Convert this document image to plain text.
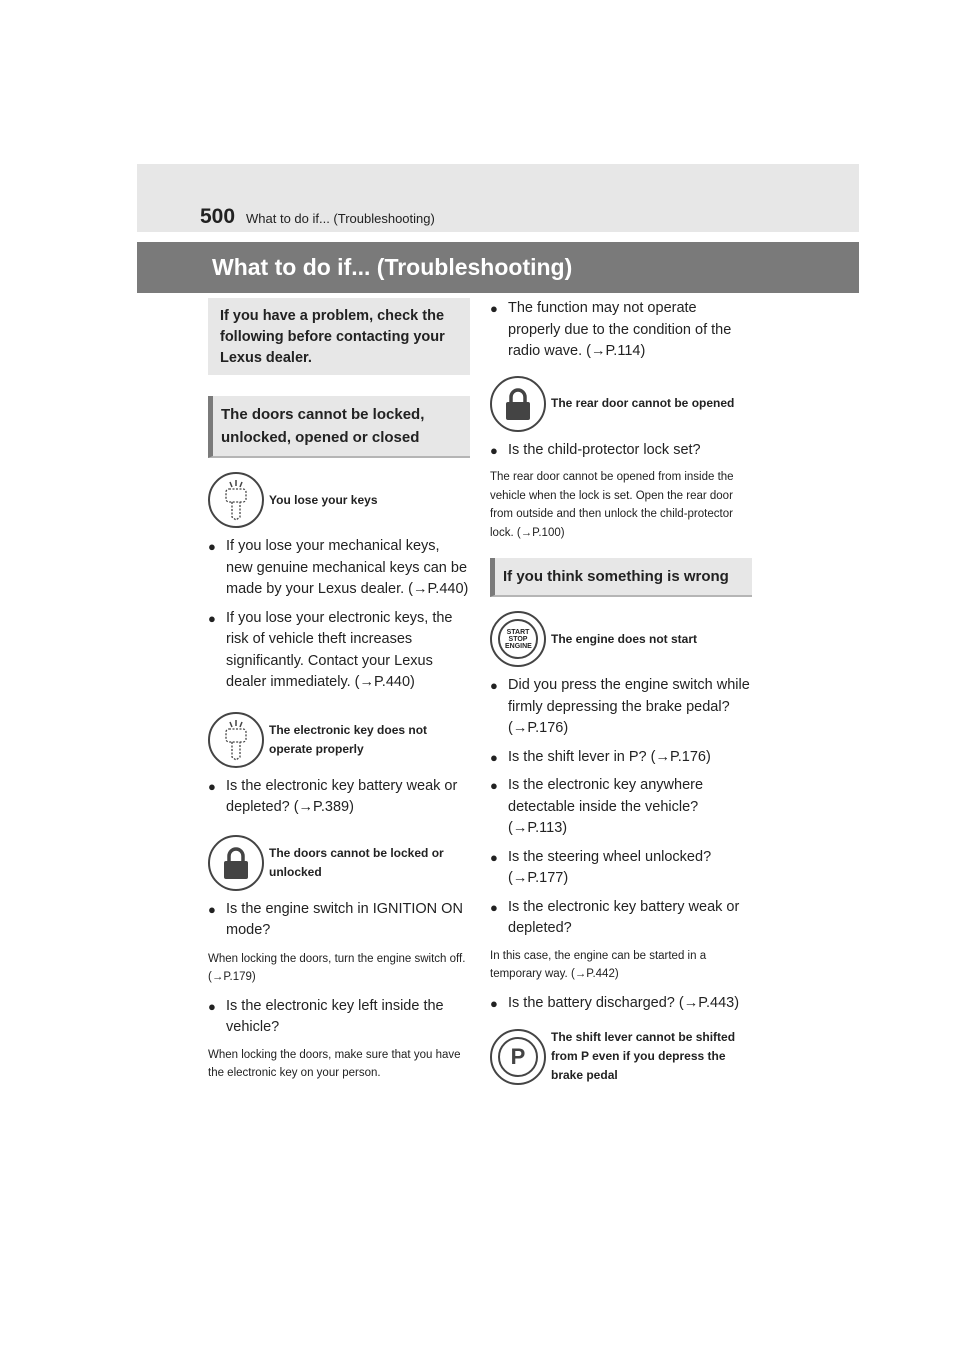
500 What to do if... (Troubleshooting)
What to do if... (Troubleshooting)
If you have a problem, check the following before contacting your Lexus dealer.
The doors cannot be locked, unlocked, opened or closed
You lose your keys
● If you lose your mechanical keys, new genuine mechanical keys can be made by your Lexus dealer. (→P.440)
● If you lose your electronic keys, the risk of vehicle theft increases significantly. Contact your Lexus dealer immediately. (→P.440)
The electronic key does not operate properly
● Is the electronic key battery weak or depleted? (→P.389)
The doors cannot be locked or unlocked
● Is the engine switch in IGNITION ON mode?
When locking the doors, turn the engine switch off. (→P.179)
● Is the electronic key left inside the vehicle?
When locking the doors, make sure that you have the electronic key on your person.
● The function may not operate properly due to the condition of the radio wave. (→P.114)
The rear door cannot be opened
● Is the child-protector lock set?
The rear door cannot be opened from inside the vehicle when the lock is set. Open the rear door from outside and then unlock the child-protector lock. (→P.100)
If you think something is wrong
START STOP ENGINE
The engine does not start
● Did you press the engine switch while firmly depressing the brake pedal? (→P.176)
● Is the shift lever in P? (→P.176)
● Is the electronic key anywhere detectable inside the vehicle? (→P.113)
● Is the steering wheel unlocked? (→P.177)
● Is the electronic key battery weak or depleted?
In this case, the engine can be started in a temporary way. (→P.442)
● Is the battery discharged? (→P.443)
P
The shift lever cannot be shifted from P even if you depress the brake pedal
